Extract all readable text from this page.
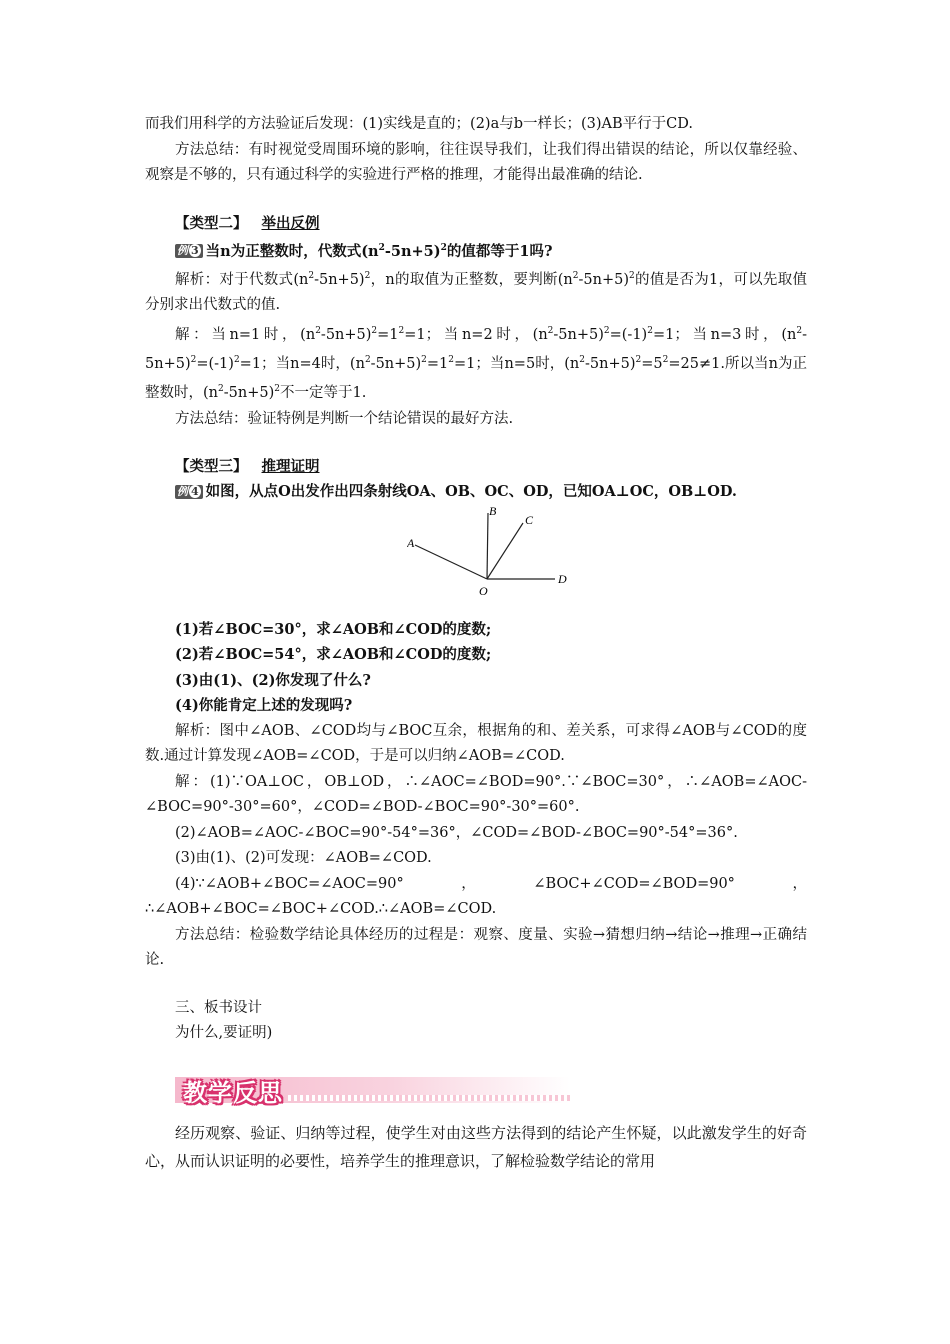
而我们用科学的方法验证后发现：(1)实线是直的；(2)a与b一样长；(3)AB平行于CD.

方法总结：有时视觉受周围环境的影响，往往误导我们，让我们得出错误的结论，所以仅靠经验、观察是不够的，只有通过科学的实验进行严格的推理，才能得出最准确的结论.

【类型二】 举出反例

例 3 当n为正整数时，代数式$(n^2-5n+5)^2$的值都等于1吗?

解析：对于代数式$(n^2-5n+5)^2$，n的取值为正整数，要判断$(n^2-5n+5)^2$的值是否为1，可以先取值分别求出代数式的值.

解：当n=1时，$(n^2-5n+5)^2=1^2=1$；当n=2时，$(n^2-5n+5)^2=(-1)^2=1$；当n=3时，$(n^2-5n+5)^2=(-1)^2=1$；当n=4时，$(n^2-5n+5)^2=1^2=1$；当n=5时，$(n^2-5n+5)^2=5^2=25\ne 1$.所以当n为正整数时，$(n^2-5n+5)^2$不一定等于1.

方法总结：验证特例是判断一个结论错误的最好方法.

【类型三】 推理证明

例 4 如图，从点O出发作出四条射线OA、OB、OC、OD，已知OA⊥OC，OB⊥OD.

A
B
C
D
O

(1)若∠BOC=30°，求∠AOB和∠COD的度数;

(2)若∠BOC=54°，求∠AOB和∠COD的度数;

(3)由(1)、(2)你发现了什么?

(4)你能肯定上述的发现吗?

解析：图中∠AOB、∠COD均与∠BOC互余，根据角的和、差关系，可求得∠AOB与∠COD的度数.通过计算发现∠AOB=∠COD，于是可以归纳∠AOB=∠COD.

解：(1)∵OA⊥OC，OB⊥OD，∴∠AOC=∠BOD=90°.∵∠BOC=30°，∴∠AOB=∠AOC-∠BOC=90°-30°=60°，∠COD=∠BOD-∠BOC=90°-30°=60°.

(2)∠AOB=∠AOC-∠BOC=90°-54°=36°，∠COD=∠BOD-∠BOC=90°-54°=36°.

(3)由(1)、(2)可发现：∠AOB=∠COD.

(4)∵∠AOB+∠BOC=∠AOC=90°，∠BOC+∠COD=∠BOD=90°，∴∠AOB+∠BOC=∠BOC+∠COD.∴∠AOB=∠COD.

方法总结：检验数学结论具体经历的过程是：观察、度量、实验→猜想归纳→结论→推理→正确结论.

三、板书设计

为什么,要证明)

教学反思

经历观察、验证、归纳等过程，使学生对由这些方法得到的结论产生怀疑，以此激发学生的好奇心，从而认识证明的必要性，培养学生的推理意识，了解检验数学结论的常用
